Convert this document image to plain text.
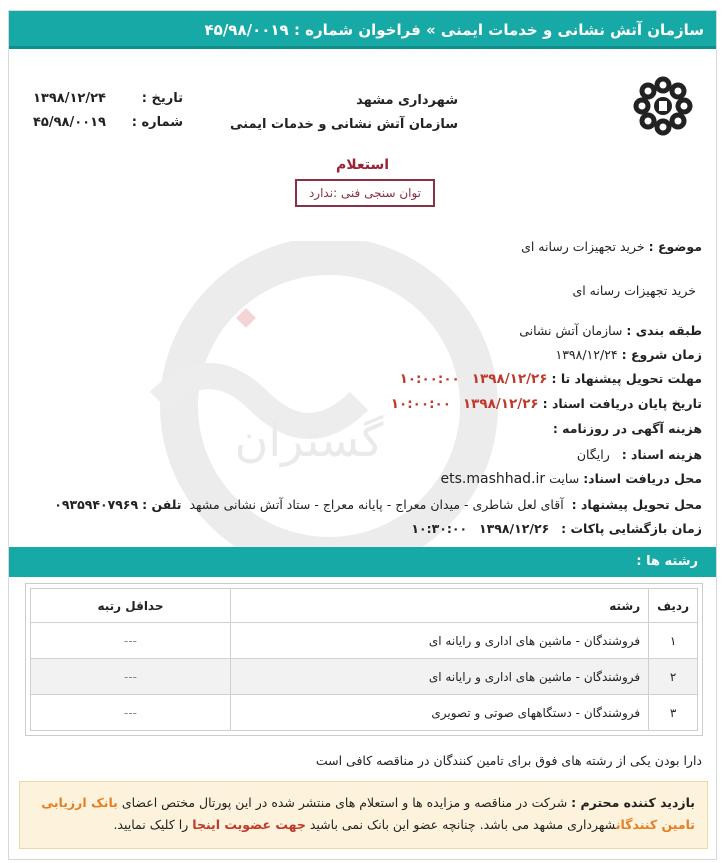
سازمان آتش نشانی و خدمات ایمنی » فراخوان شماره : ۴۵/۹۸/۰۰۱۹
گستران
شهرداری مشهد
سازمان آتش نشانی و خدمات ایمنی
تاریخ :
۱۳۹۸/۱۲/۲۴
شماره :
۴۵/۹۸/۰۰۱۹
استعلام
توان سنجی فنی :ندارد
موضوع : خرید تجهیزات رسانه ای
خرید تجهیزات رسانه ای
طبقه بندی : سازمان آتش نشانی
زمان شروع : ۱۳۹۸/۱۲/۲۴
مهلت تحویل پیشنهاد تا : ۱۳۹۸/۱۲/۲۶   ۱۰:۰۰:۰۰
تاریخ پایان دریافت اسناد : ۱۳۹۸/۱۲/۲۶   ۱۰:۰۰:۰۰
هزینه آگهی در روزنامه :
هزینه اسناد :   رایگان
محل دریافت اسناد: سایت ets.mashhad.ir
محل تحویل پیشنهاد :  آقای لعل شاطری - میدان معراج - پایانه معراج - ستاد آتش نشانی مشهد  تلفن : ۰۹۳۵۹۴۰۷۹۶۹
زمان بازگشایی پاکات :   ۱۳۹۸/۱۲/۲۶   ۱۰:۳۰:۰۰
رشته ها :
ردیف	رشته	حداقل رتبه
۱	فروشندگان - ماشین های اداری و رایانه ای	---
۲	فروشندگان - ماشین های اداری و رایانه ای	---
۳	فروشندگان - دستگاههای صوتی و تصویری	---
دارا بودن یکی از رشته های فوق برای تامین کنندگان در مناقصه کافی است
بازدید کننده محترم : شرکت در مناقصه و مزایده ها و استعلام های منتشر شده در این پورتال مختص اعضای بانک ارزیابی تامین کنندگانشهرداری مشهد می باشد. چنانچه عضو این بانک نمی باشید جهت عضویت اینجا را کلیک نمایید.
